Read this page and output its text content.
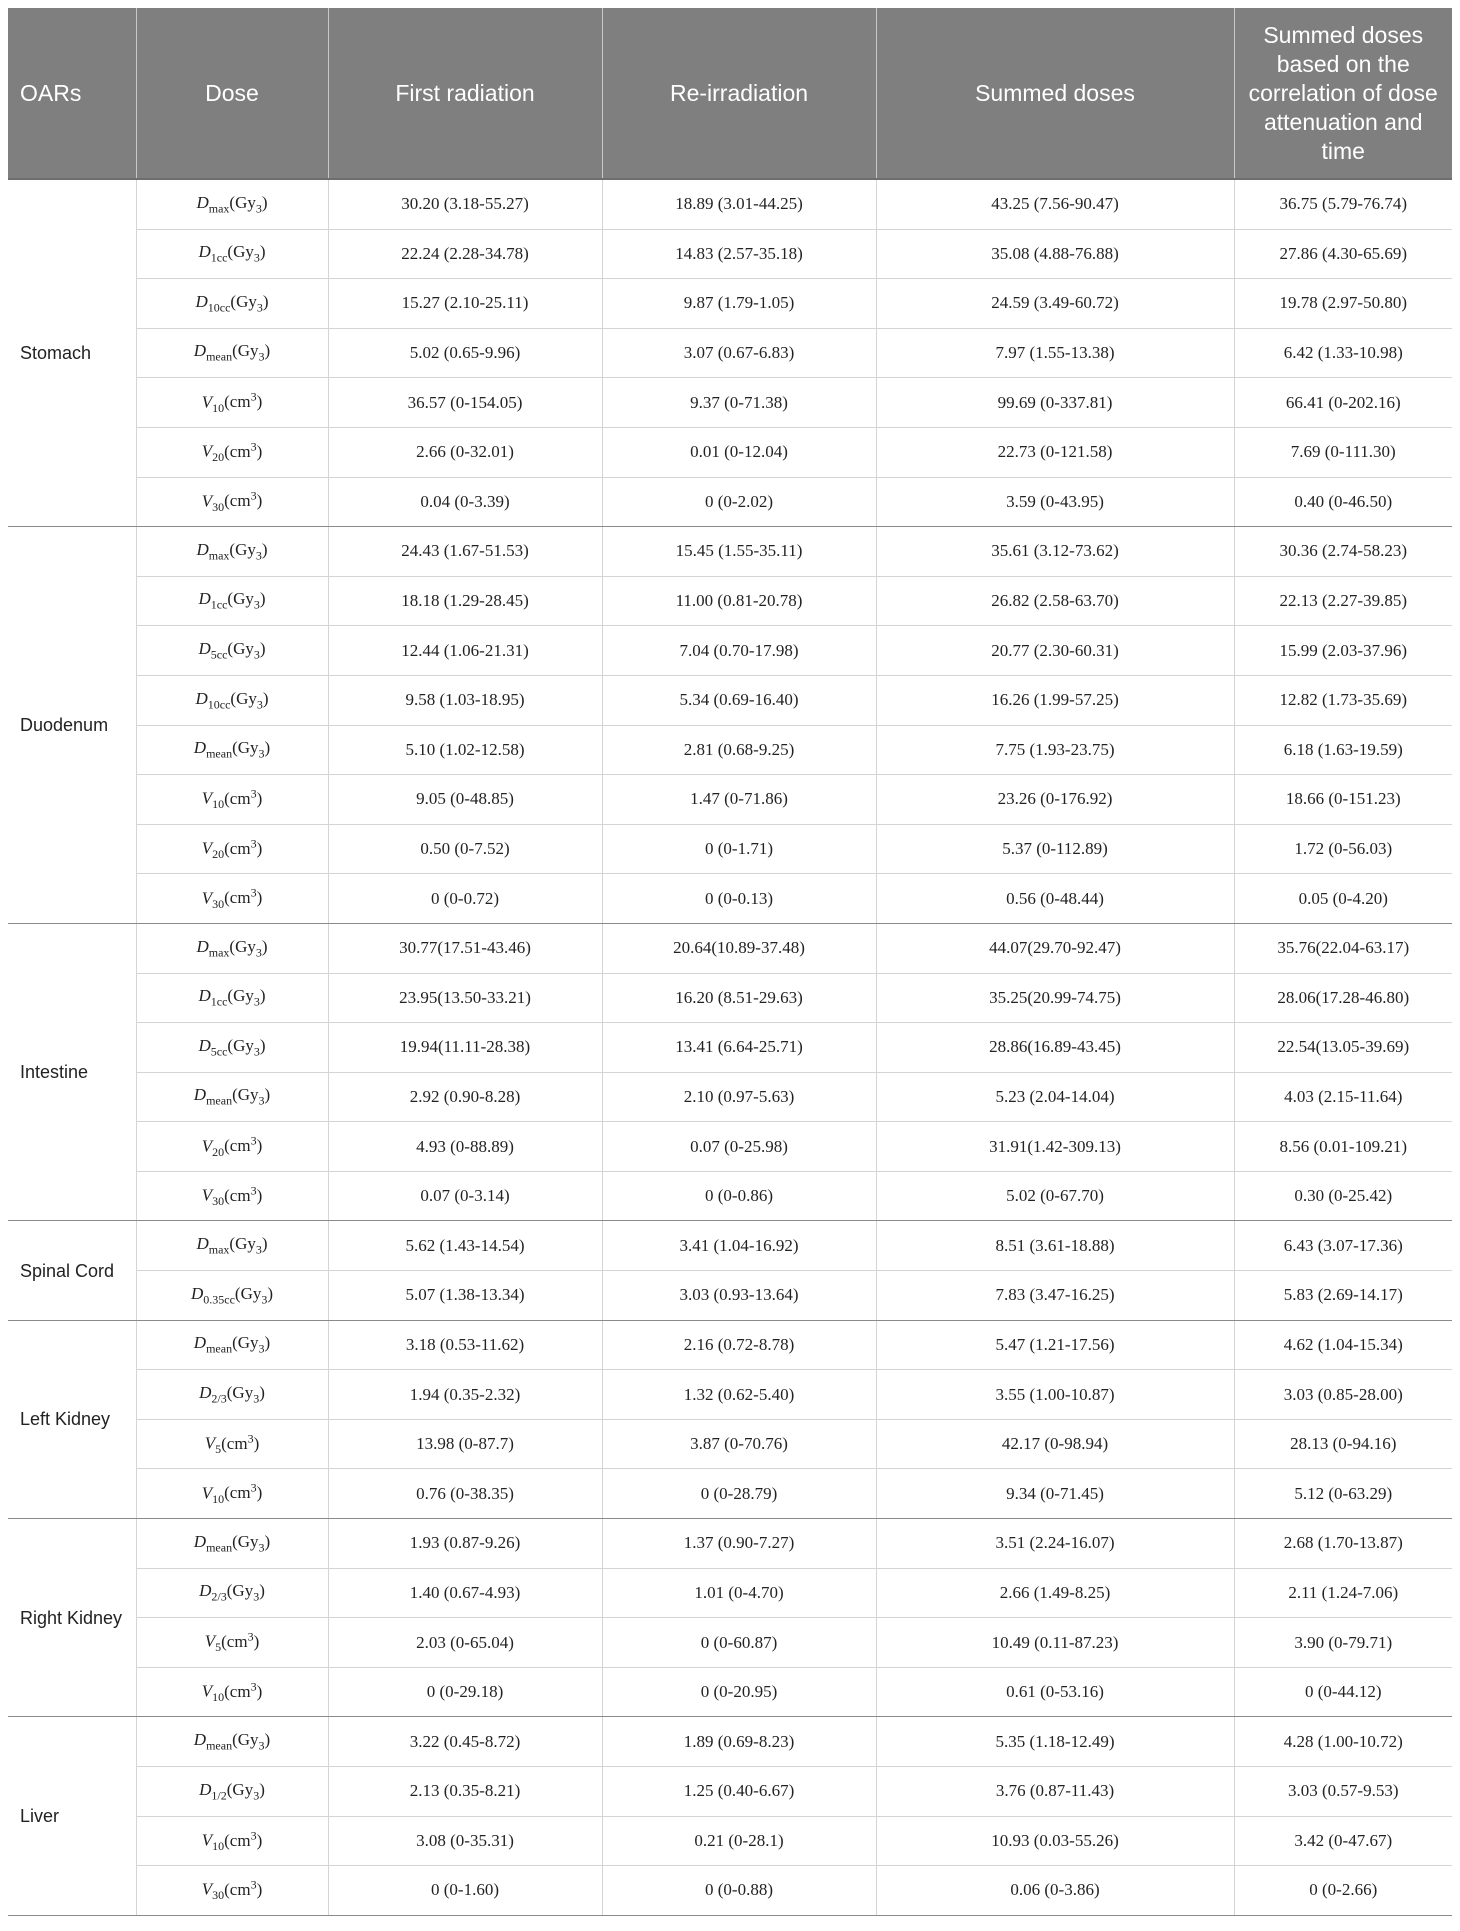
OARs	Dose	First radiation	Re-irradiation	Summed doses	Summed doses based on the correlation of dose attenuation and time
Stomach	$D_{max}(Gy_3)$	30.20 (3.18-55.27)	18.89 (3.01-44.25)	43.25 (7.56-90.47)	36.75 (5.79-76.74)
	$D_{1cc}(Gy_3)$	22.24 (2.28-34.78)	14.83 (2.57-35.18)	35.08 (4.88-76.88)	27.86 (4.30-65.69)
	$D_{10cc}(Gy_3)$	15.27 (2.10-25.11)	9.87 (1.79-1.05)	24.59 (3.49-60.72)	19.78 (2.97-50.80)
	$D_{mean}(Gy_3)$	5.02 (0.65-9.96)	3.07 (0.67-6.83)	7.97 (1.55-13.38)	6.42 (1.33-10.98)
	$V_{10}(cm^3)$	36.57 (0-154.05)	9.37 (0-71.38)	99.69 (0-337.81)	66.41 (0-202.16)
	$V_{20}(cm^3)$	2.66 (0-32.01)	0.01 (0-12.04)	22.73 (0-121.58)	7.69 (0-111.30)
	$V_{30}(cm^3)$	0.04 (0-3.39)	0 (0-2.02)	3.59 (0-43.95)	0.40 (0-46.50)
Duodenum	$D_{max}(Gy_3)$	24.43 (1.67-51.53)	15.45 (1.55-35.11)	35.61 (3.12-73.62)	30.36 (2.74-58.23)
	$D_{1cc}(Gy_3)$	18.18 (1.29-28.45)	11.00 (0.81-20.78)	26.82 (2.58-63.70)	22.13 (2.27-39.85)
	$D_{5cc}(Gy_3)$	12.44 (1.06-21.31)	7.04 (0.70-17.98)	20.77 (2.30-60.31)	15.99 (2.03-37.96)
	$D_{10cc}(Gy_3)$	9.58 (1.03-18.95)	5.34 (0.69-16.40)	16.26 (1.99-57.25)	12.82 (1.73-35.69)
	$D_{mean}(Gy_3)$	5.10 (1.02-12.58)	2.81 (0.68-9.25)	7.75 (1.93-23.75)	6.18 (1.63-19.59)
	$V_{10}(cm^3)$	9.05 (0-48.85)	1.47 (0-71.86)	23.26 (0-176.92)	18.66 (0-151.23)
	$V_{20}(cm^3)$	0.50 (0-7.52)	0 (0-1.71)	5.37 (0-112.89)	1.72 (0-56.03)
	$V_{30}(cm^3)$	0 (0-0.72)	0 (0-0.13)	0.56 (0-48.44)	0.05 (0-4.20)
Intestine	$D_{max}(Gy_3)$	30.77(17.51-43.46)	20.64(10.89-37.48)	44.07(29.70-92.47)	35.76(22.04-63.17)
	$D_{1cc}(Gy_3)$	23.95(13.50-33.21)	16.20 (8.51-29.63)	35.25(20.99-74.75)	28.06(17.28-46.80)
	$D_{5cc}(Gy_3)$	19.94(11.11-28.38)	13.41 (6.64-25.71)	28.86(16.89-43.45)	22.54(13.05-39.69)
	$D_{mean}(Gy_3)$	2.92 (0.90-8.28)	2.10 (0.97-5.63)	5.23 (2.04-14.04)	4.03 (2.15-11.64)
	$V_{20}(cm^3)$	4.93 (0-88.89)	0.07 (0-25.98)	31.91(1.42-309.13)	8.56 (0.01-109.21)
	$V_{30}(cm^3)$	0.07 (0-3.14)	0 (0-0.86)	5.02 (0-67.70)	0.30 (0-25.42)
Spinal Cord	$D_{max}(Gy_3)$	5.62 (1.43-14.54)	3.41 (1.04-16.92)	8.51 (3.61-18.88)	6.43 (3.07-17.36)
	$D_{0.35cc}(Gy_3)$	5.07 (1.38-13.34)	3.03 (0.93-13.64)	7.83 (3.47-16.25)	5.83 (2.69-14.17)
Left Kidney	$D_{mean}(Gy_3)$	3.18 (0.53-11.62)	2.16 (0.72-8.78)	5.47 (1.21-17.56)	4.62 (1.04-15.34)
	$D_{2/3}(Gy_3)$	1.94 (0.35-2.32)	1.32 (0.62-5.40)	3.55 (1.00-10.87)	3.03 (0.85-28.00)
	$V_5(cm^3)$	13.98 (0-87.7)	3.87 (0-70.76)	42.17 (0-98.94)	28.13 (0-94.16)
	$V_{10}(cm^3)$	0.76 (0-38.35)	0 (0-28.79)	9.34 (0-71.45)	5.12 (0-63.29)
Right Kidney	$D_{mean}(Gy_3)$	1.93 (0.87-9.26)	1.37 (0.90-7.27)	3.51 (2.24-16.07)	2.68 (1.70-13.87)
	$D_{2/3}(Gy_3)$	1.40 (0.67-4.93)	1.01 (0-4.70)	2.66 (1.49-8.25)	2.11 (1.24-7.06)
	$V_5(cm^3)$	2.03 (0-65.04)	0 (0-60.87)	10.49 (0.11-87.23)	3.90 (0-79.71)
	$V_{10}(cm^3)$	0 (0-29.18)	0 (0-20.95)	0.61 (0-53.16)	0 (0-44.12)
Liver	$D_{mean}(Gy_3)$	3.22 (0.45-8.72)	1.89 (0.69-8.23)	5.35 (1.18-12.49)	4.28 (1.00-10.72)
	$D_{1/2}(Gy_3)$	2.13 (0.35-8.21)	1.25 (0.40-6.67)	3.76 (0.87-11.43)	3.03 (0.57-9.53)
	$V_{10}(cm^3)$	3.08 (0-35.31)	0.21 (0-28.1)	10.93 (0.03-55.26)	3.42 (0-47.67)
	$V_{30}(cm^3)$	0 (0-1.60)	0 (0-0.88)	0.06 (0-3.86)	0 (0-2.66)
